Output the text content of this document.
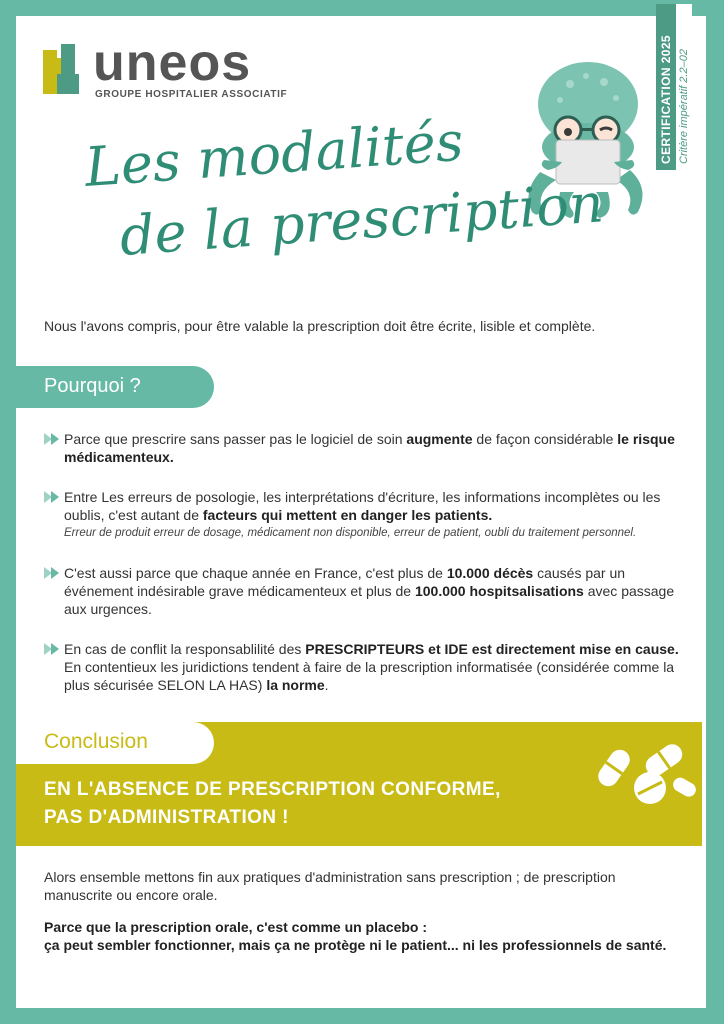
uneos
GROUPE HOSPITALIER ASSOCIATIF	CERTIFICATION 2025 Critère impératif 2.2–02
Les modalités
de la prescription
Nous l'avons compris, pour être valable la prescription doit être écrite, lisible et complète.
Pourquoi ?
Parce que prescrire sans passer pas le logiciel de soin augmente de façon considérable le risque médicamenteux.
Entre Les erreurs de posologie, les interprétations d'écriture, les informations incomplètes ou les oublis, c'est autant de facteurs qui mettent en danger les patients.
Erreur de produit erreur de dosage, médicament non disponible, erreur de patient, oubli du traitement personnel.
C'est aussi parce que chaque année en France, c'est plus de 10.000 décès causés par un événement indésirable grave médicamenteux et plus de 100.000 hospitsalisations avec passage aux urgences.
En cas de conflit la responsablilité des PRESCRIPTEURS et IDE est directement mise en cause. En contentieux les juridictions tendent à faire de la prescription informatisée (considérée comme la plus sécurisée SELON LA HAS) la norme.
Conclusion
EN L'ABSENCE DE PRESCRIPTION CONFORME,
PAS D'ADMINISTRATION !

Alors ensemble mettons fin aux pratiques d'administration sans prescription ; de prescription manuscrite ou encore orale.

Parce que la prescription orale, c'est comme un placebo :
ça peut sembler fonctionner, mais ça ne protège ni le patient... ni les professionnels de santé.
